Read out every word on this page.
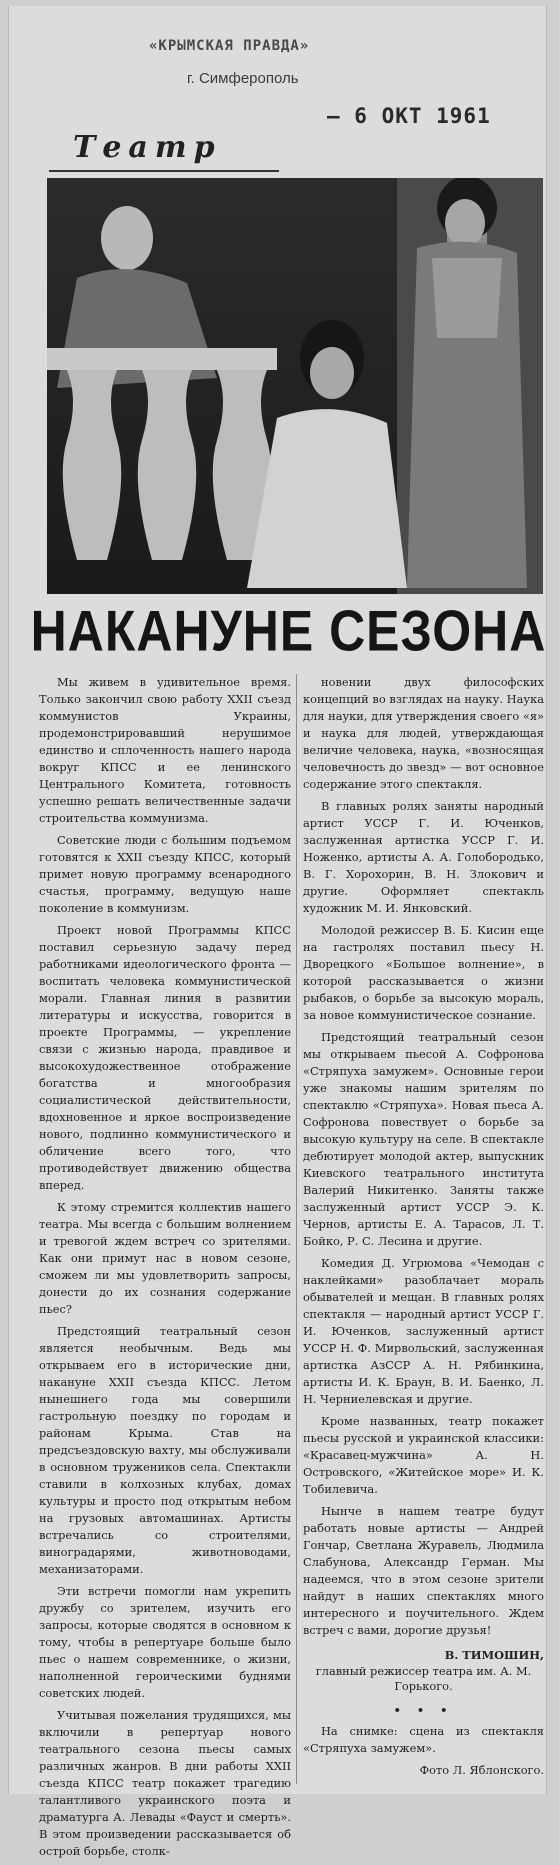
«КРЫМСКАЯ ПРАВДА»
г. Симферополь
— 6 ОКТ 1961
Театр
НАКАНУНЕ СЕЗОНА

Мы живем в удивительное время. Только закончил свою работу XXII съезд коммунистов Украины, продемонстрировавший нерушимое единство и сплоченность нашего народа вокруг КПСС и ее ленинского Центрального Комитета, готовность успешно решать величественные задачи строительства коммунизма.

Советские люди с большим подъемом готовятся к XXII съезду КПСС, который примет новую программу всенародного счастья, программу, ведущую наше поколение в коммунизм.

Проект новой Программы КПСС поставил серьезную задачу перед работниками идеологического фронта — воспитать человека коммунистической морали. Главная линия в развитии литературы и искусства, говорится в проекте Программы, — укрепление связи с жизнью народа, правдивое и высокохудожественное отображение богатства и многообразия социалистической действительности, вдохновенное и яркое воспроизведение нового, подлинно коммунистического и обличение всего того, что противодействует движению общества вперед.

К этому стремится коллектив нашего театра. Мы всегда с большим волнением и тревогой ждем встреч со зрителями. Как они примут нас в новом сезоне, сможем ли мы удовлетворить запросы, донести до их сознания содержание пьес?

Предстоящий театральный сезон является необычным. Ведь мы открываем его в исторические дни, накануне XXII съезда КПСС. Летом нынешнего года мы совершили гастрольную поездку по городам и районам Крыма. Став на предсъездовскую вахту, мы обслуживали в основном тружеников села. Спектакли ставили в колхозных клубах, домах культуры и просто под открытым небом на грузовых автомашинах. Артисты встречались со строителями, виноградарями, животноводами, механизаторами.

Эти встречи помогли нам укрепить дружбу со зрителем, изучить его запросы, которые сводятся в основном к тому, чтобы в репертуаре больше было пьес о нашем современнике, о жизни, наполненной героическими буднями советских людей.

Учитывая пожелания трудящихся, мы включили в репертуар нового театрального сезона пьесы самых различных жанров. В дни работы XXII съезда КПСС театр покажет трагедию талантливого украинского поэта и драматурга А. Левады «Фауст и смерть». В этом произведении рассказывается об острой борьбе, столк-

новении двух философских концепций во взглядах на науку. Наука для науки, для утверждения своего «я» и наука для людей, утверждающая величие человека, наука, «возносящая человечность до звезд» — вот основное содержание этого спектакля.

В главных ролях заняты народный артист УССР Г. И. Юченков, заслуженная артистка УССР Г. И. Ноженко, артисты А. А. Голобородько, В. Г. Хорохорин, В. Н. Злокович и другие. Оформляет спектакль художник М. И. Янковский.

Молодой режиссер В. Б. Кисин еще на гастролях поставил пьесу Н. Дворецкого «Большое волнение», в которой рассказывается о жизни рыбаков, о борьбе за высокую мораль, за новое коммунистическое сознание.

Предстоящий театральный сезон мы открываем пьесой А. Софронова «Стряпуха замужем». Основные герои уже знакомы нашим зрителям по спектаклю «Стряпуха». Новая пьеса А. Софронова повествует о борьбе за высокую культуру на селе. В спектакле дебютирует молодой актер, выпускник Киевского театрального института Валерий Никитенко. Заняты также заслуженный артист УССР Э. К. Чернов, артисты Е. А. Тарасов, Л. Т. Бойко, Р. С. Лесина и другие.

Комедия Д. Угрюмова «Чемодан с наклейками» разоблачает мораль обывателей и мещан. В главных ролях спектакля — народный артист УССР Г. И. Юченков, заслуженный артист УССР Н. Ф. Мирвольский, заслуженная артистка АзССР А. Н. Рябинкина, артисты И. К. Браун, В. И. Баенко, Л. Н. Черниелевская и другие.

Кроме названных, театр покажет пьесы русской и украинской классики: «Красавец-мужчина» А. Н. Островского, «Житейское море» И. К. Тобилевича.

Нынче в нашем театре будут работать новые артисты — Андрей Гончар, Светлана Журавель, Людмила Слабунова, Александр Герман. Мы надеемся, что в этом сезоне зрители найдут в наших спектаклях много интересного и поучительного. Ждем встреч с вами, дорогие друзья!

В. ТИМОШИН,
главный режиссер театра им. А. М. Горького.
• • •

На снимке: сцена из спектакля «Стряпуха замужем».

Фото Л. Яблонского.
